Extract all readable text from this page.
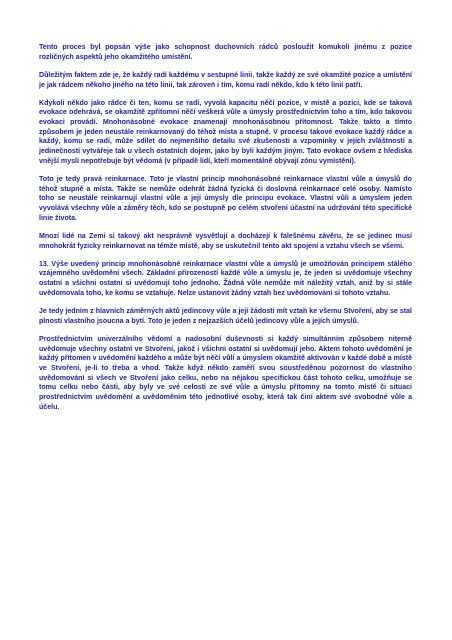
Tento proces byl popsán výše jako schopnost duchovních rádců posloužit komukoli jinému z pozice rozličných aspektů jeho okamžitého umístění.

Důležitým faktem zde je, že každý radí každému v sestupné linii, takže každý ze své okamžité pozice a umístění je jak rádcem někoho jiného na této linii, tak zároveň i tím, komu radí někdo, kdo k této linii patří.

Kdykoli někdo jako rádce či ten, komu se radí, vyvolá kapacitu něčí pozice, v místě a pozici, kde se taková evokace odehrává, se okamžitě zpřítomní něčí veškerá vůle a úmysly prostřednictvím toho a tím, kdo takovou evokaci provádí. Mnohonásobné evokace znamenají mnohonásobnou přítomnost. Takže takto a tímto způsobem je jeden neustále reinkarnovaný do téhož místa a stupně. V procesu takové evokace každý rádce a každý, komu se radí, může sdílet do nejmenšího detailu své zkušenosti a vzpomínky v jejich zvláštnosti a jedinečnosti vytvářeje tak u všech ostatních dojem, jako by byli každým jiným. Tato evokace ovšem z hlediska vnější mysli nepotřebuje být vědomá (v případě lidí, kteří momentálně obývají zónu vymístění).

Toto je tedy pravá reinkarnace. Toto je vlastní princip mnohonásobné reinkarnace vlastní vůle a úmyslů do téhož stupně a místa. Takže se nemůže odehrát žádná fyzická či doslovná reinkarnace celé osoby. Namísto toho se neustále reinkarnují vlastní vůle a její úmysly dle principu evokace. Vlastní vůli a úmyslem jeden vyvolává všechny vůle a záměry těch, kdo se postupně po celém stvoření účastní na udržování této specifické linie života.

Mnozí lidé na Zemi si takový akt nesprávně vysvětlují a docházejí k falešnému závěru, že se jedinec musí mnohokrát fyzicky reinkarnovat na témže místě, aby se uskutečnil tento akt spojení a vztahu všech se všemi.

13. Výše uvedený princip mnohonásobné reinkarnace vlastní vůle a úmyslů je umožňován principem stálého vzájemného uvědomění všech. Základní přirozeností každé vůle a úmyslu je, že jeden si uvědomuje všechny ostatní a všichni ostatní si uvědomují toho jednoho. Žádná vůle nemůže mít náležitý vztah, aniž by si stále uvědomovala toho, ke komu se vztahuje. Nelze ustanovit žádný vztah bez uvědomování si tohoto vztahu.

Je tedy jedním z hlavních záměrných aktů jedincovy vůle a její žádosti mít vztah ke všemu Stvoření, aby se stal plností vlastního jsoucna a bytí. Toto je jeden z nejzazších účelů jedincovy vůle a jejích úmyslů.

Prostřednictvím univerzálního vědomí a nadosobní duševnosti si každý simultánním způsobem niterně uvědomuje všechny ostatní ve Stvoření, jakož i všichni ostatní si uvědomují jeho. Aktem tohoto uvědomění je každý přítomen v uvědomění každého a může být něčí vůlí a úmyslem okamžitě aktivován v každé době a místě ve Stvoření, je-li to třeba a vhod. Takže když někdo zaměří svou soustředěnou pozornost do vlastního uvědomování si všech ve Stvoření jako celku, nebo na nějakou specifickou část tohoto celku, umožňuje se tomu celku nebo části, aby byly ve své celosti ze své vůle a úmyslu přítomny na tomto místě či situaci prostřednictvím uvědomění a uvědoměním této jednotlivé osoby, která tak činí aktem své svobodné vůle a účelu.
